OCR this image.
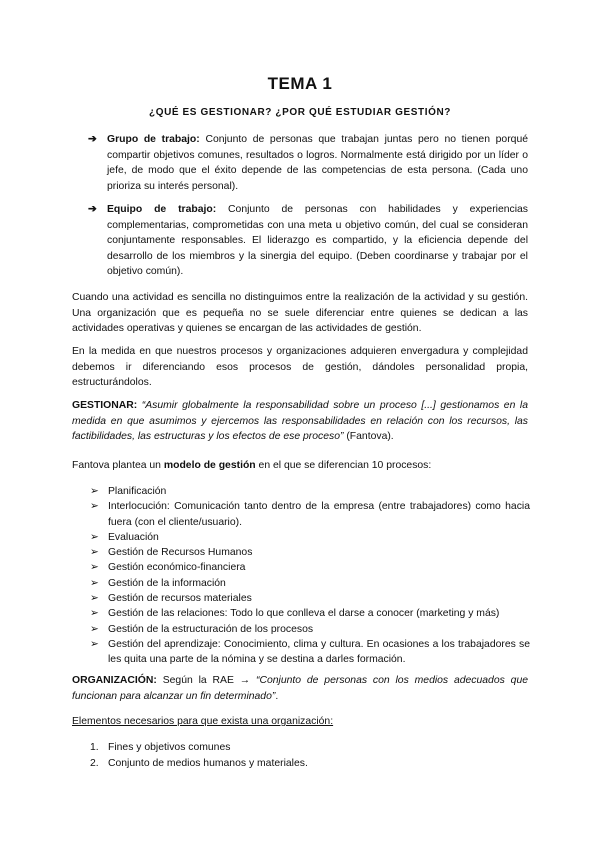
TEMA 1
¿QUÉ ES GESTIONAR? ¿POR QUÉ ESTUDIAR GESTIÓN?
➔ Grupo de trabajo: Conjunto de personas que trabajan juntas pero no tienen porqué compartir objetivos comunes, resultados o logros. Normalmente está dirigido por un líder o jefe, de modo que el éxito depende de las competencias de esta persona. (Cada uno prioriza su interés personal).
➔ Equipo de trabajo: Conjunto de personas con habilidades y experiencias complementarias, comprometidas con una meta u objetivo común, del cual se consideran conjuntamente responsables. El liderazgo es compartido, y la eficiencia depende del desarrollo de los miembros y la sinergia del equipo. (Deben coordinarse y trabajar por el objetivo común).
Cuando una actividad es sencilla no distinguimos entre la realización de la actividad y su gestión. Una organización que es pequeña no se suele diferenciar entre quienes se dedican a las actividades operativas y quienes se encargan de las actividades de gestión.
En la medida en que nuestros procesos y organizaciones adquieren envergadura y complejidad debemos ir diferenciando esos procesos de gestión, dándoles personalidad propia, estructurándolos.
GESTIONAR: “Asumir globalmente la responsabilidad sobre un proceso [...] gestionamos en la medida en que asumimos y ejercemos las responsabilidades en relación con los recursos, las factibilidades, las estructuras y los efectos de ese proceso” (Fantova).
Fantova plantea un modelo de gestión en el que se diferencian 10 procesos:
➢ Planificación
➢ Interlocución: Comunicación tanto dentro de la empresa (entre trabajadores) como hacia fuera (con el cliente/usuario).
➢ Evaluación
➢ Gestión de Recursos Humanos
➢ Gestión económico-financiera
➢ Gestión de la información
➢ Gestión de recursos materiales
➢ Gestión de las relaciones: Todo lo que conlleva el darse a conocer (marketing y más)
➢ Gestión de la estructuración de los procesos
➢ Gestión del aprendizaje: Conocimiento, clima y cultura. En ocasiones a los trabajadores se les quita una parte de la nómina y se destina a darles formación.
ORGANIZACIÓN: Según la RAE → “Conjunto de personas con los medios adecuados que funcionan para alcanzar un fin determinado”.
Elementos necesarios para que exista una organización:
1. Fines y objetivos comunes
2. Conjunto de medios humanos y materiales.
